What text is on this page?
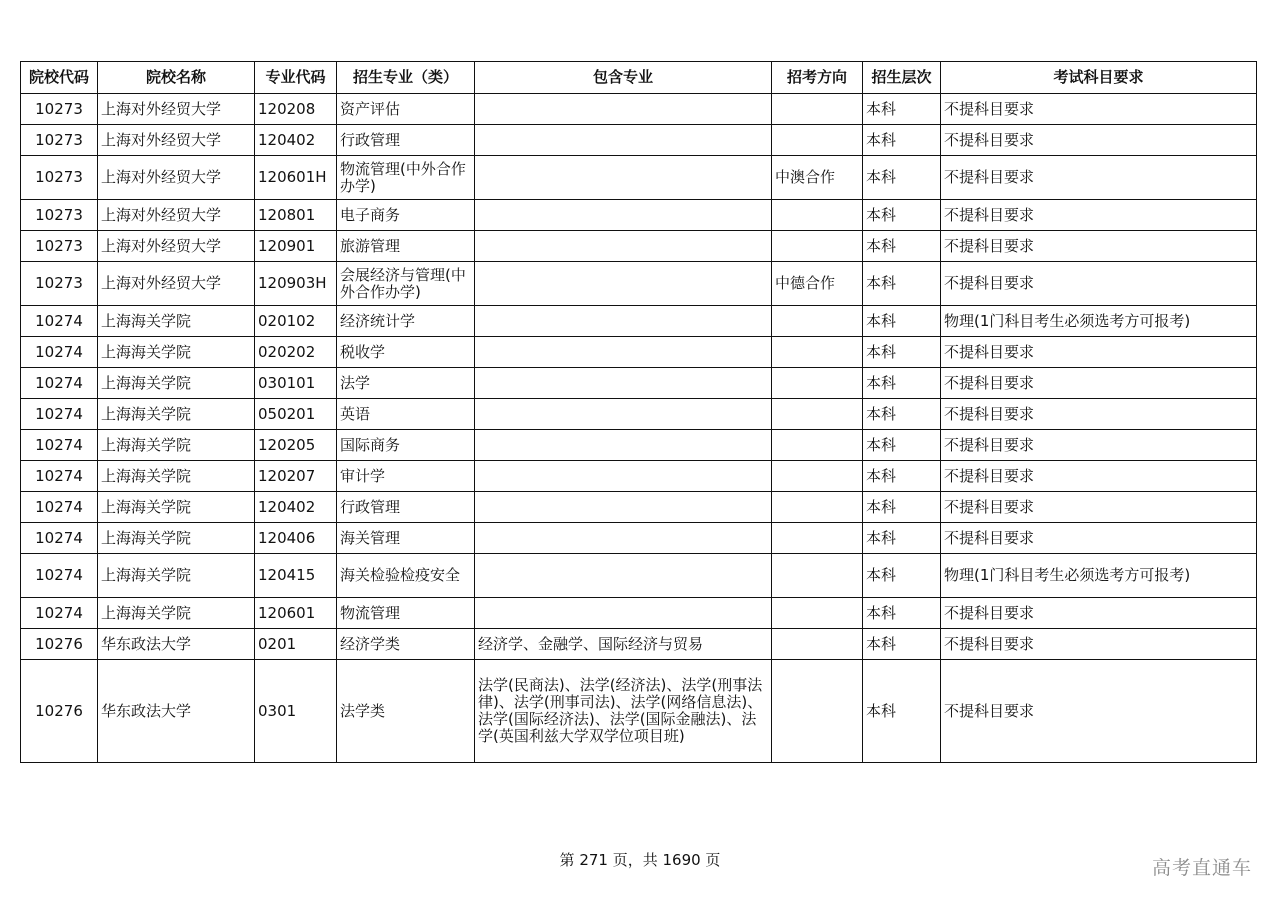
院校代码	院校名称	专业代码	招生专业（类）	包含专业	招考方向	招生层次	考试科目要求
10273	上海对外经贸大学	120208	资产评估			本科	不提科目要求
10273	上海对外经贸大学	120402	行政管理			本科	不提科目要求
10273	上海对外经贸大学	120601H	物流管理(中外合作办学)		中澳合作	本科	不提科目要求
10273	上海对外经贸大学	120801	电子商务			本科	不提科目要求
10273	上海对外经贸大学	120901	旅游管理			本科	不提科目要求
10273	上海对外经贸大学	120903H	会展经济与管理(中外合作办学)		中德合作	本科	不提科目要求
10274	上海海关学院	020102	经济统计学			本科	物理(1门科目考生必须选考方可报考)
10274	上海海关学院	020202	税收学			本科	不提科目要求
10274	上海海关学院	030101	法学			本科	不提科目要求
10274	上海海关学院	050201	英语			本科	不提科目要求
10274	上海海关学院	120205	国际商务			本科	不提科目要求
10274	上海海关学院	120207	审计学			本科	不提科目要求
10274	上海海关学院	120402	行政管理			本科	不提科目要求
10274	上海海关学院	120406	海关管理			本科	不提科目要求
10274	上海海关学院	120415	海关检验检疫安全			本科	物理(1门科目考生必须选考方可报考)
10274	上海海关学院	120601	物流管理			本科	不提科目要求
10276	华东政法大学	0201	经济学类	经济学、金融学、国际经济与贸易		本科	不提科目要求
10276	华东政法大学	0301	法学类	法学(民商法)、法学(经济法)、法学(刑事法律)、法学(刑事司法)、法学(网络信息法)、法学(国际经济法)、法学(国际金融法)、法学(英国利兹大学双学位项目班)		本科	不提科目要求
第 271 页，共 1690 页	高考直通车
